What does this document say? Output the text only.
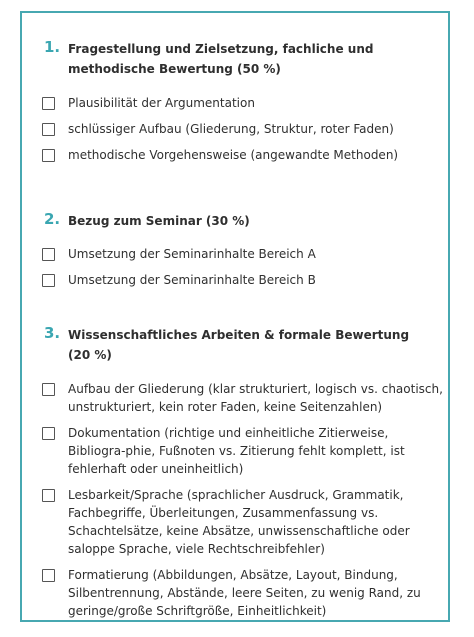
1. Fragestellung und Zielsetzung, fachliche und methodische Bewertung (50 %)
Plausibilität der Argumentation
schlüssiger Aufbau (Gliederung, Struktur, roter Faden)
methodische Vorgehensweise (angewandte Methoden)
2. Bezug zum Seminar (30 %)
Umsetzung der Seminarinhalte Bereich A
Umsetzung der Seminarinhalte Bereich B
3. Wissenschaftliches Arbeiten & formale Bewertung (20 %)
Aufbau der Gliederung (klar strukturiert, logisch vs. chaotisch, unstrukturiert, kein roter Faden, keine Seitenzahlen)
Dokumentation (richtige und einheitliche Zitierweise, Bibliogra-phie, Fußnoten vs. Zitierung fehlt komplett, ist fehlerhaft oder uneinheitlich)
Lesbarkeit/Sprache (sprachlicher Ausdruck, Grammatik, Fachbegriffe, Überleitungen, Zusammenfassung vs. Schachtelsätze, keine Absätze, unwissenschaftliche oder saloppe Sprache, viele Rechtschreibfehler)
Formatierung (Abbildungen, Absätze, Layout, Bindung, Silbentrennung, Abstände, leere Seiten, zu wenig Rand, zu geringe/große Schriftgröße, Einheitlichkeit)
